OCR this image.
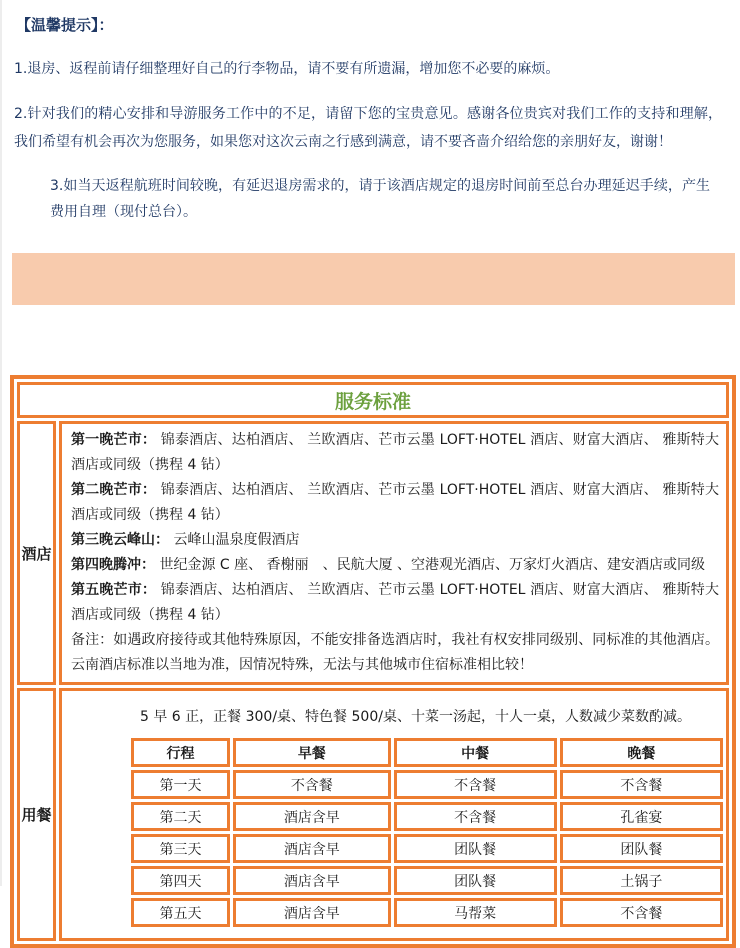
【温馨提示】：

1.退房、返程前请仔细整理好自己的行李物品，请不要有所遗漏，增加您不必要的麻烦。

2.针对我们的精心安排和导游服务工作中的不足，请留下您的宝贵意见。感谢各位贵宾对我们工作的支持和理解，我们希望有机会再次为您服务，如果您对这次云南之行感到满意，请不要吝啬介绍给您的亲朋好友，谢谢！

3.如当天返程航班时间较晚，有延迟退房需求的，请于该酒店规定的退房时间前至总台办理延迟手续，产生费用自理（现付总台）。

服务标准
酒店	

第一晚芒市： 锦泰酒店、达柏酒店、 兰欧酒店、芒市云墨 LOFT·HOTEL 酒店、财富大酒店、 雅斯特大酒店或同级（携程 4 钻）

第二晚芒市： 锦泰酒店、达柏酒店、 兰欧酒店、芒市云墨 LOFT·HOTEL 酒店、财富大酒店、 雅斯特大酒店或同级（携程 4 钻）

第三晚云峰山： 云峰山温泉度假酒店

第四晚腾冲： 世纪金源 C 座、 香榭丽　、民航大厦 、空港观光酒店、万家灯火酒店、建安酒店或同级

第五晚芒市： 锦泰酒店、达柏酒店、 兰欧酒店、芒市云墨 LOFT·HOTEL 酒店、财富大酒店、 雅斯特大酒店或同级（携程 4 钻）

备注：如遇政府接待或其他特殊原因，不能安排备选酒店时，我社有权安排同级别、同标准的其他酒店。云南酒店标准以当地为准，因情况特殊，无法与其他城市住宿标准相比较！

用餐	

5 早 6 正，正餐 300/桌、特色餐 500/桌、十菜一汤起，十人一桌，人数减少菜数酌减。

行程	早餐	中餐	晚餐
第一天	不含餐	不含餐	不含餐
第二天	酒店含早	不含餐	孔雀宴
第三天	酒店含早	团队餐	团队餐
第四天	酒店含早	团队餐	土锅子
第五天	酒店含早	马帮菜	不含餐
